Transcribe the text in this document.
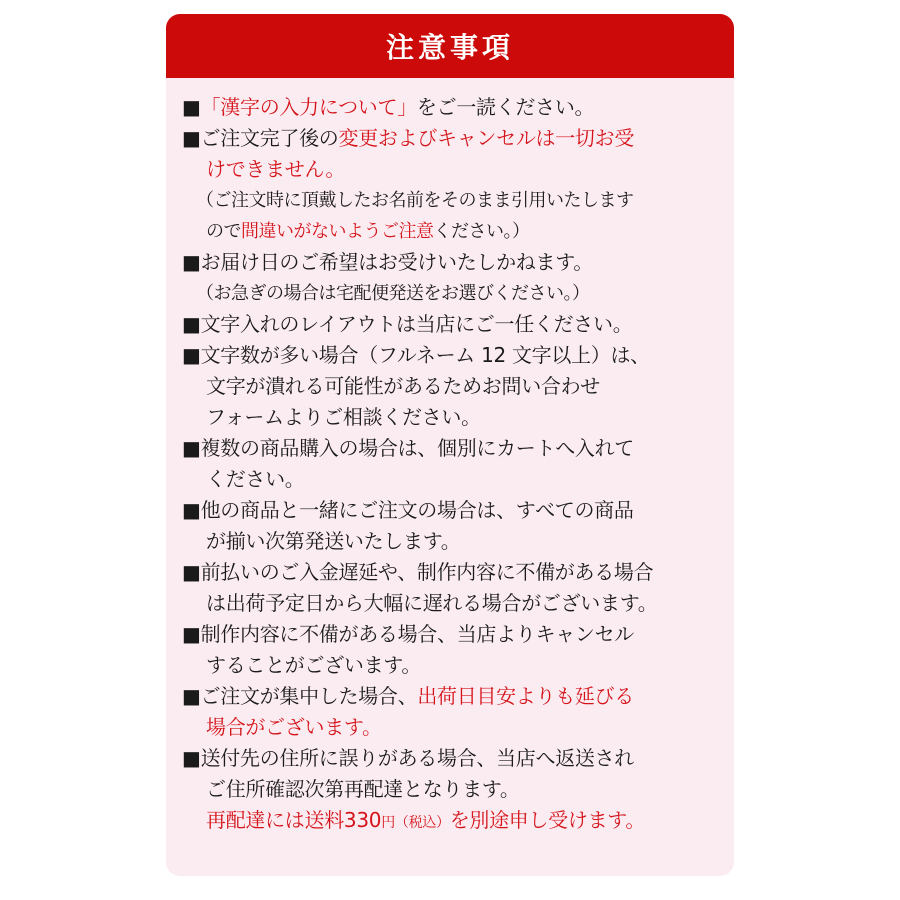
注意事項
■「漢字の入力について」をご一読ください。
■ご注文完了後の変更およびキャンセルは一切お受
けできません。
（ご注文時に頂戴したお名前をそのまま引用いたします
ので間違いがないようご注意ください。）
■お届け日のご希望はお受けいたしかねます。
（お急ぎの場合は宅配便発送をお選びください。）
■文字入れのレイアウトは当店にご一任ください。
■文字数が多い場合（フルネーム 12 文字以上）は、
文字が潰れる可能性があるためお問い合わせ
フォームよりご相談ください。
■複数の商品購入の場合は、個別にカートへ入れて
ください。
■他の商品と一緒にご注文の場合は、すべての商品
が揃い次第発送いたします。
■前払いのご入金遅延や、制作内容に不備がある場合
は出荷予定日から大幅に遅れる場合がございます。
■制作内容に不備がある場合、当店よりキャンセル
することがございます。
■ご注文が集中した場合、出荷日目安よりも延びる
場合がございます。
■送付先の住所に誤りがある場合、当店へ返送され
ご住所確認次第再配達となります。
再配達には送料330円（税込）を別途申し受けます。
